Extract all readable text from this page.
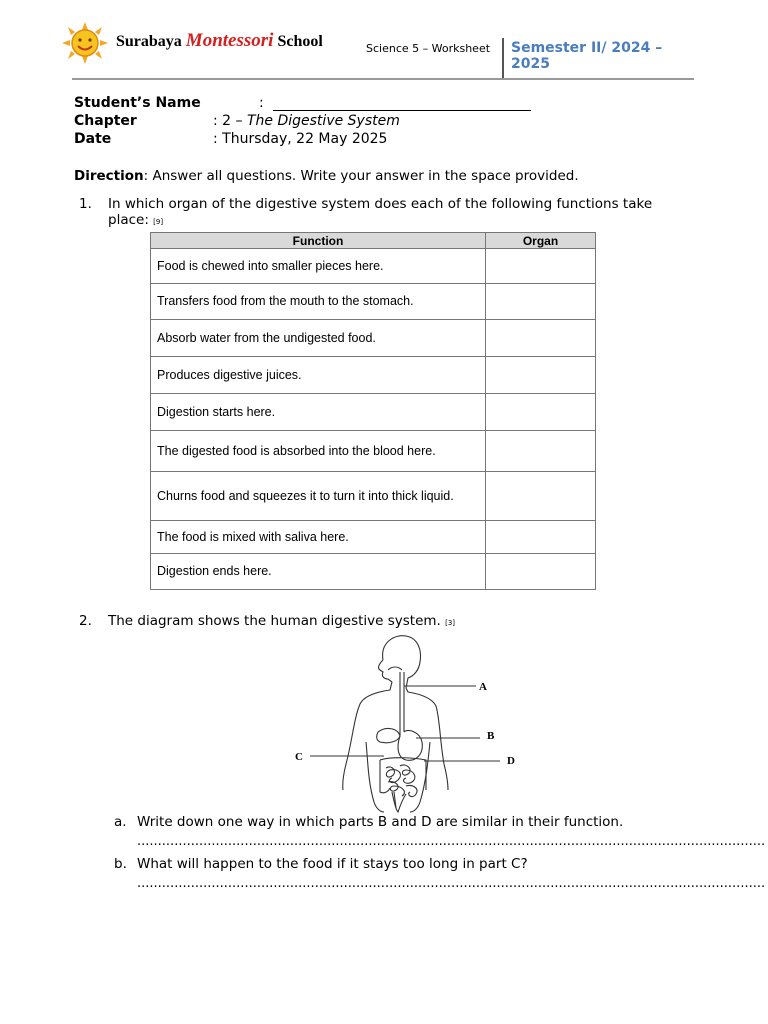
Surabaya Montessori School	Science 5 – Worksheet Semester II/ 2024 –
2025
Student’s Name	:
Chapter	: 2 – The Digestive System
Date	: Thursday, 22 May 2025
Direction: Answer all questions. Write your answer in the space provided.
1. In which organ of the digestive system does each of the following functions take
place: [9]
Function	Organ
Food is chewed into smaller pieces here.	
Transfers food from the mouth to the stomach.	
Absorb water from the undigested food.	
Produces digestive juices.	
Digestion starts here.	
The digested food is absorbed into the blood here.	
Churns food and squeezes it to turn it into thick liquid.	
The food is mixed with saliva here.	
Digestion ends here.	
2. The diagram shows the human digestive system. [3]
A
B
C	D
a. Write down one way in which parts B and D are similar in their function.
........................................................................................................................................................
b. What will happen to the food if it stays too long in part C?
........................................................................................................................................................
